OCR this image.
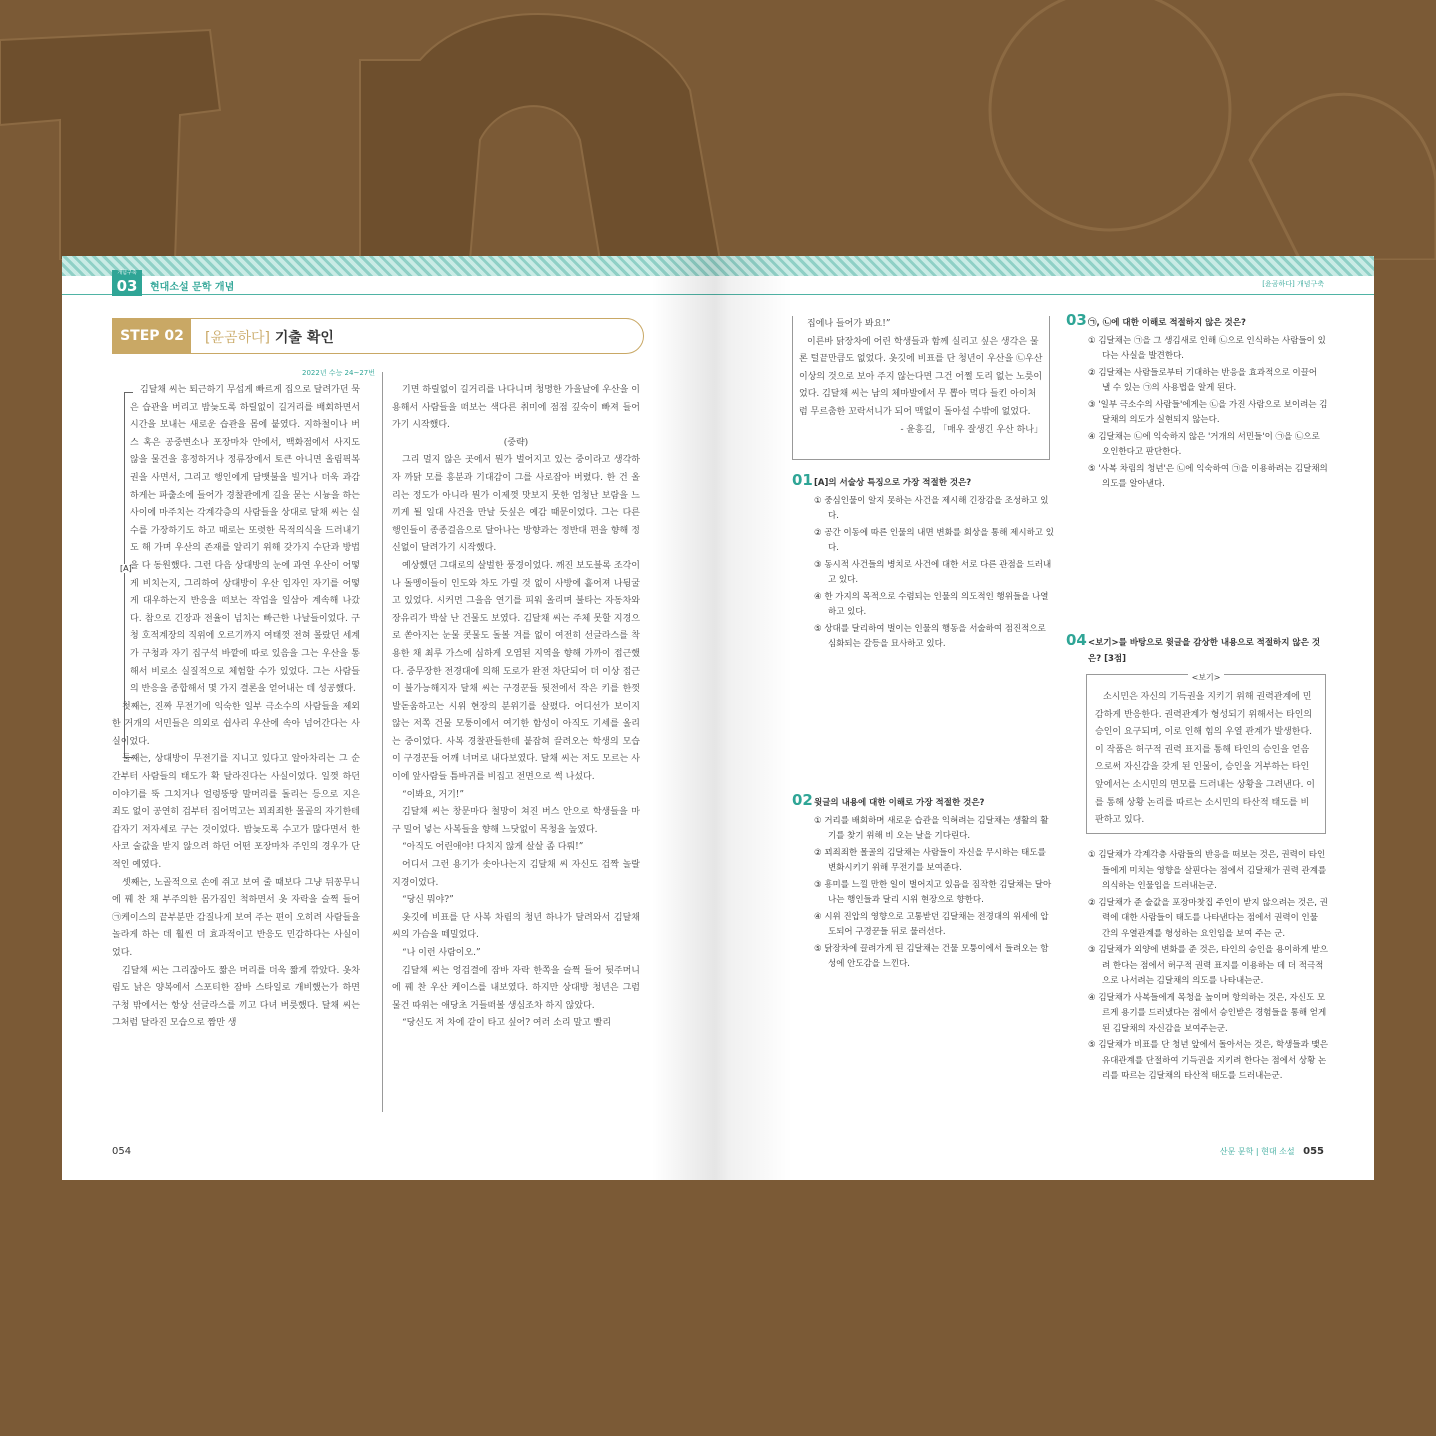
개념구축
03	현대소설 문학 개념	[윤곰하다] 개념구축
STEP 02	[윤곰하다] 기출 확인
2022년 수능 24~27번
[A]

김달채 씨는 퇴근하기 무섭게 빠르게 집으로 달려가던 묵은 습관을 버리고 밤늦도록 하릴없이 길거리를 배회하면서 시간을 보내는 새로운 습관을 몸에 붙였다. 지하철이나 버스 혹은 공중변소나 포장마차 안에서, 백화점에서 사지도 않을 물건을 흥정하거나 정류장에서 토큰 아니면 올림픽복권을 사면서, 그리고 행인에게 담뱃불을 빌거나 더욱 과감하게는 파출소에 들어가 경찰관에게 길을 묻는 시늉을 하는 사이에 마주치는 각계각층의 사람들을 상대로 달채 씨는 실수를 가장하기도 하고 때로는 또렷한 목적의식을 드러내기도 해 가며 우산의 존재를 알리기 위해 갖가지 수단과 방법을 다 동원했다. 그런 다음 상대방의 눈에 과연 우산이 어떻게 비치는지, 그리하여 상대방이 우산 임자인 자기를 어떻게 대우하는지 반응을 떠보는 작업을 일삼아 계속해 나갔다. 참으로 긴장과 전율이 넘치는 빠근한 나날들이었다. 구청 호적계장의 직위에 오르기까지 여태껏 전혀 몰랐던 세계가 구청과 자기 집구석 바깥에 따로 있음을 그는 우산을 통해서 비로소 실질적으로 체험할 수가 있었다. 그는 사람들의 반응을 종합해서 몇 가지 결론을 얻어내는 데 성공했다.

첫째는, 진짜 무전기에 익숙한 일부 극소수의 사람들을 제외한 거개의 서민들은 의외로 쉽사리 우산에 속아 넘어간다는 사실이었다.

둘째는, 상대방이 무전기를 지니고 있다고 알아차리는 그 순간부터 사람들의 태도가 확 달라진다는 사실이었다. 일껏 하던 이야기를 뚝 그치거나 얼렁뚱땅 말머리를 돌리는 등으로 지은 죄도 없이 공연히 겁부터 집어먹고는 꾀죄죄한 몰골의 자기한테 갑자기 저자세로 구는 것이었다. 밤늦도록 수고가 많다면서 한사코 술값을 받지 않으려 하던 어떤 포장마차 주인의 경우가 단적인 예였다.

셋째는, 노골적으로 손에 쥐고 보여 줄 때보다 그냥 뒤꽁무니에 꿰 찬 채 부주의한 몸가짐인 척하면서 옷 자락을 슬쩍 들어 ㉠케이스의 끝부분만 감질나게 보여 주는 편이 오히려 사람들을 놀라게 하는 데 훨씬 더 효과적이고 반응도 민감하다는 사실이었다.

김달채 씨는 그리잖아도 짧은 머리를 더욱 짧게 깎았다. 옷차림도 낡은 양복에서 스포티한 잠바 스타일로 개비했는가 하면 구청 밖에서는 항상 선글라스를 끼고 다녀 버릇했다. 달채 씨는 그처럼 달라진 모습으로 짬만 생

기면 하릴없이 길거리를 나다니며 청명한 가을날에 우산을 이용해서 사람들을 떠보는 색다른 취미에 점점 깊숙이 빠져 들어가기 시작했다.

(중략)

그리 멀지 않은 곳에서 뭔가 벌어지고 있는 중이라고 생각하자 까닭 모를 흥분과 기대감이 그를 사로잡아 버렸다. 한 건 올리는 정도가 아니라 뭔가 이제껏 맛보지 못한 엄청난 보람을 느끼게 될 일대 사건을 만날 듯싶은 예감 때문이었다. 그는 다른 행인들이 종종걸음으로 달아나는 방향과는 정반대 편을 향해 정신없이 달려가기 시작했다.

예상했던 그대로의 살벌한 풍경이었다. 깨진 보도블록 조각이나 돌멩이들이 인도와 차도 가릴 것 없이 사방에 흩어져 나뒹굴고 있었다. 시커먼 그을음 연기를 피워 올리며 불타는 자동차와 장유리가 박살 난 건물도 보였다. 김달채 씨는 주체 못할 지경으로 쏟아지는 눈물 콧물도 돌볼 겨를 없이 여전히 선글라스를 착용한 채 최루 가스에 심하게 오염된 지역을 향해 가까이 접근했다. 중무장한 전경대에 의해 도로가 완전 차단되어 더 이상 접근이 불가능해지자 달채 씨는 구경꾼들 뒷전에서 작은 키를 한껏 발돋움하고는 시위 현장의 분위기를 살폈다. 어디선가 보이지 않는 저쪽 건물 모퉁이에서 여기한 함성이 아직도 기세를 올리는 중이었다. 사복 경찰관들한테 붙잡혀 끌려오는 학생의 모습이 구경꾼들 어깨 너머로 내다보였다. 달채 씨는 저도 모르는 사이에 앞사람들 틈바귀를 비집고 전면으로 썩 나섰다.

“이봐요, 거기!”

김달채 씨는 창문마다 철망이 쳐진 버스 안으로 학생들을 마구 밀어 넣는 사복들을 향해 느닷없이 목청을 높였다.

“아직도 어린애야! 다치지 않게 살살 좀 다뤄!”

어디서 그런 용기가 솟아나는지 김달채 씨 자신도 겁짝 놀랄 지경이었다.

“당신 뭐야?”

옷깃에 비표를 단 사복 차림의 청년 하나가 달려와서 김달채 씨의 가슴을 떼밀었다.

“나 이런 사람이오.”

김달채 씨는 엉겁결에 잠바 자락 한쪽을 슬쩍 들어 뒷주머니에 꿰 찬 우산 케이스를 내보였다. 하지만 상대방 청년은 그럼 물건 따위는 애당초 거들떠볼 생심조차 하지 않았다.

“당신도 저 차에 같이 타고 싶어? 여러 소리 말고 빨리

054	산문 문학 | 현대 소설 055

집에나 들어가 봐요!”

이른바 닭장차에 어린 학생들과 함께 실리고 싶은 생각은 물론 털끝만큼도 없었다. 옷깃에 비표를 단 청년이 우산을 ㉡우산 이상의 것으로 보아 주지 않는다면 그건 어쩔 도리 없는 노릇이었다. 김달채 씨는 남의 체마발에서 무 뽑아 먹다 들킨 아이처럼 무르춤한 꼬락서니가 되어 맥없이 돌아설 수밖에 없었다.

- 윤흥길, 「매우 잘생긴 우산 하나」

01 [A]의 서술상 특징으로 가장 적절한 것은?
① 중심인물이 알지 못하는 사건을 제시해 긴장감을 조성하고 있다.
② 공간 이동에 따른 인물의 내면 변화를 회상을 통해 제시하고 있다.
③ 동시적 사건들의 병치로 사건에 대한 서로 다른 관점을 드러내고 있다.
④ 한 가지의 목적으로 수렴되는 인물의 의도적인 행위들을 나열하고 있다.
⑤ 상대를 달리하여 벌이는 인물의 행동을 서술하여 점진적으로 심화되는 갈등을 묘사하고 있다.
02 윗글의 내용에 대한 이해로 가장 적절한 것은?
① 거리를 배회하며 새로운 습관을 익혀려는 김달채는 생활의 활기를 찾기 위해 비 오는 날을 기다린다.
② 꾀죄죄한 몰골의 김달채는 사람들이 자신을 무시하는 태도를 변화시키기 위해 무전기를 보여준다.
③ 흥미를 느낄 만한 일이 벌어지고 있음을 짐작한 김달채는 달아나는 행인들과 달리 시위 현장으로 향한다.
④ 시위 진압의 영향으로 고통받던 김달채는 전경대의 위세에 압도되어 구경꾼들 뒤로 물러선다.
⑤ 닭장차에 끌려가게 된 김달채는 건물 모퉁이에서 들려오는 함성에 안도감을 느낀다.
03 ㉠, ㉡에 대한 이해로 적절하지 않은 것은?
① 김달채는 ㉠을 그 생김새로 인해 ㉡으로 인식하는 사람들이 있다는 사실을 발견한다.
② 김달채는 사람들로부터 기대하는 반응을 효과적으로 이끌어 낼 수 있는 ㉠의 사용법을 알게 된다.
③ '일부 극소수의 사람들'에게는 ㉡을 가진 사람으로 보이려는 김달채의 의도가 실현되지 않는다.
④ 김달채는 ㉡에 익숙하지 않은 '거개의 서민들'이 ㉠을 ㉡으로 오인한다고 판단한다.
⑤ '사복 차림의 청년'은 ㉡에 익숙하여 ㉠을 이용하려는 김달채의 의도를 알아낸다.
04 <보기>를 바탕으로 윗글을 감상한 내용으로 적절하지 않은 것은? [3점]
<보기>

소시민은 자신의 기득권을 지키기 위해 권력관계에 민감하게 반응한다. 권력관계가 형성되기 위해서는 타인의 승인이 요구되며, 이로 인해 힘의 우열 관계가 발생한다. 이 작품은 허구적 권력 표지를 통해 타인의 승인을 얻음으로써 자신감을 갖게 된 인물이, 승인을 거부하는 타인 앞에서는 소시민의 면모를 드러내는 상황을 그려낸다. 이를 통해 상황 논리를 따르는 소시민의 타산적 태도를 비판하고 있다.

① 김달채가 각계각층 사람들의 반응을 떠보는 것은, 권력이 타인들에게 미치는 영향을 살핀다는 점에서 김달채가 권력 관계를 의식하는 인물임을 드러내는군.
② 김달채가 준 술값을 포장마찻집 주인이 받지 않으려는 것은, 권력에 대한 사람들이 태도를 나타낸다는 점에서 권력이 인물 간의 우열관계를 형성하는 요인임을 보여 주는 군.
③ 김달채가 외양에 변화를 준 것은, 타인의 승인을 용이하게 받으려 한다는 점에서 허구적 권력 표지를 이용하는 데 더 적극적으로 나서려는 김달채의 의도를 나타내는군.
④ 김달채가 사복들에게 목청을 높이며 항의하는 것은, 자신도 모르게 용기를 드러냈다는 점에서 승인받은 경험들을 통해 얻게 된 김달채의 자신감을 보여주는군.
⑤ 김달채가 비표를 단 청년 앞에서 돌아서는 것은, 학생들과 맺은 유대관계를 단절하여 기득권을 지키려 한다는 점에서 상황 논리를 따르는 김달채의 타산적 태도를 드러내는군.
